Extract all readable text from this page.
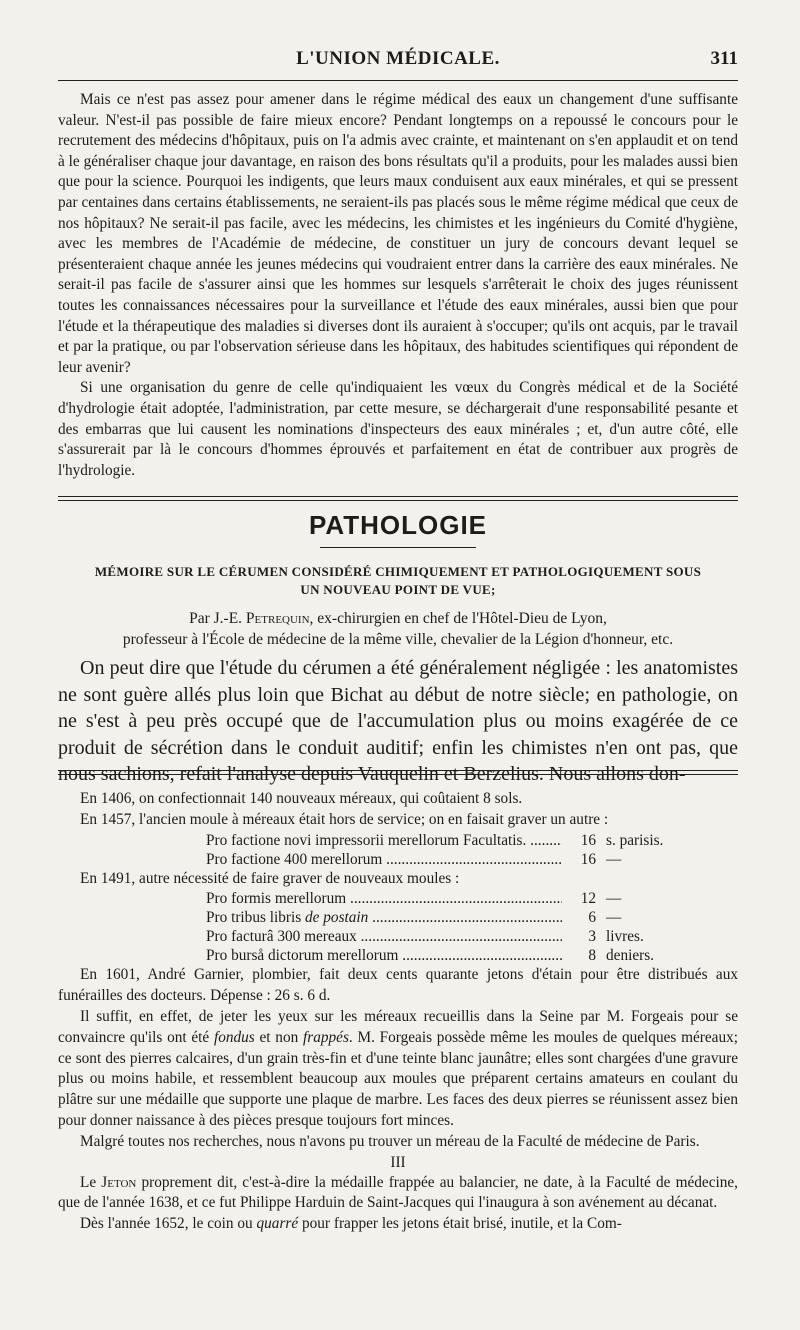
L'UNION MÉDICALE.	311

Mais ce n'est pas assez pour amener dans le régime médical des eaux un changement d'une suffisante valeur. N'est-il pas possible de faire mieux encore? Pendant longtemps on a repoussé le concours pour le recrutement des médecins d'hôpitaux, puis on l'a admis avec crainte, et maintenant on s'en applaudit et on tend à le généraliser chaque jour davantage, en raison des bons résultats qu'il a produits, pour les malades aussi bien que pour la science. Pourquoi les indigents, que leurs maux conduisent aux eaux minérales, et qui se pressent par centaines dans certains établissements, ne seraient-ils pas placés sous le même régime médical que ceux de nos hôpitaux? Ne serait-il pas facile, avec les médecins, les chimistes et les ingénieurs du Comité d'hygiène, avec les membres de l'Académie de médecine, de constituer un jury de concours devant lequel se présenteraient chaque année les jeunes médecins qui voudraient entrer dans la carrière des eaux minérales. Ne serait-il pas facile de s'assurer ainsi que les hommes sur lesquels s'arrêterait le choix des juges réunissent toutes les connaissances nécessaires pour la surveillance et l'étude des eaux minérales, aussi bien que pour l'étude et la thérapeutique des maladies si diverses dont ils auraient à s'occuper; qu'ils ont acquis, par le travail et par la pratique, ou par l'observation sérieuse dans les hôpitaux, des habitudes scientifiques qui répondent de leur avenir?

Si une organisation du genre de celle qu'indiquaient les vœux du Congrès médical et de la Société d'hydrologie était adoptée, l'administration, par cette mesure, se déchargerait d'une responsabilité pesante et des embarras que lui causent les nominations d'inspecteurs des eaux minérales ; et, d'un autre côté, elle s'assurerait par là le concours d'hommes éprouvés et parfaitement en état de contribuer aux progrès de l'hydrologie.

PATHOLOGIE
MÉMOIRE SUR LE CÉRUMEN CONSIDÉRÉ CHIMIQUEMENT ET PATHOLOGIQUEMENT SOUS
UN NOUVEAU POINT DE VUE;
Par J.-E. Petrequin, ex-chirurgien en chef de l'Hôtel-Dieu de Lyon,
professeur à l'École de médecine de la même ville, chevalier de la Légion d'honneur, etc.

On peut dire que l'étude du cérumen a été généralement négligée : les anatomistes ne sont guère allés plus loin que Bichat au début de notre siècle; en pathologie, on ne s'est à peu près occupé que de l'accumulation plus ou moins exagérée de ce produit de sécrétion dans le conduit auditif; enfin les chimistes n'en ont pas, que nous sachions, refait l'analyse depuis Vauquelin et Berzelius. Nous allons don-

En 1406, on confectionnait 140 nouveaux méreaux, qui coûtaient 8 sols.

En 1457, l'ancien moule à méreaux était hors de service; on en faisait graver un autre :

Pro factione novi impressorii merellorum Facultatis. .....	16 s. parisis.
Pro factione 400 merellorum .....	16 —

En 1491, autre nécessité de faire graver de nouveaux moules :

Pro formis merellorum .....	12 —
Pro tribus libris de postain .....	6 —
Pro facturâ 300 mereaux .....	3 livres.
Pro burså dictorum merellorum .....	8 deniers.

En 1601, André Garnier, plombier, fait deux cents quarante jetons d'étain pour être distribués aux funérailles des docteurs. Dépense : 26 s. 6 d.

Il suffit, en effet, de jeter les yeux sur les méreaux recueillis dans la Seine par M. Forgeais pour se convaincre qu'ils ont été fondus et non frappés. M. Forgeais possède même les moules de quelques méreaux; ce sont des pierres calcaires, d'un grain très-fin et d'une teinte blanc jaunâtre; elles sont chargées d'une gravure plus ou moins habile, et ressemblent beaucoup aux moules que préparent certains amateurs en coulant du plâtre sur une médaille que supporte une plaque de marbre. Les faces des deux pierres se réunissent assez bien pour donner naissance à des pièces presque toujours fort minces.

Malgré toutes nos recherches, nous n'avons pu trouver un méreau de la Faculté de médecine de Paris.

III

Le Jeton proprement dit, c'est-à-dire la médaille frappée au balancier, ne date, à la Faculté de médecine, que de l'année 1638, et ce fut Philippe Harduin de Saint-Jacques qui l'inaugura à son avénement au décanat.

Dès l'année 1652, le coin ou quarré pour frapper les jetons était brisé, inutile, et la Com-
